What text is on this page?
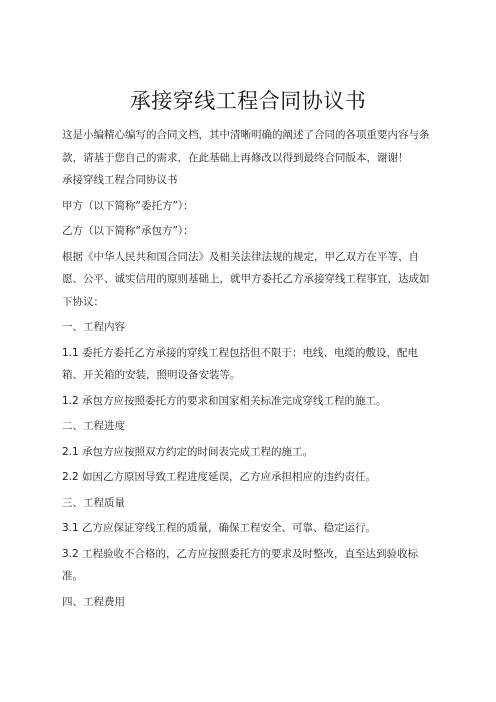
承接穿线工程合同协议书

这是小编精心编写的合同文档，其中清晰明确的阐述了合同的各项重要内容与条款，请基于您自己的需求，在此基础上再修改以得到最终合同版本，谢谢！

承接穿线工程合同协议书

甲方（以下简称“委托方”）：

乙方（以下简称“承包方”）：

根据《中华人民共和国合同法》及相关法律法规的规定，甲乙双方在平等、自愿、公平、诚实信用的原则基础上，就甲方委托乙方承接穿线工程事宜，达成如下协议：

一、工程内容

1.1 委托方委托乙方承接的穿线工程包括但不限于：电线、电缆的敷设，配电箱、开关箱的安装，照明设备安装等。

1.2 承包方应按照委托方的要求和国家相关标准完成穿线工程的施工。

二、工程进度

2.1 承包方应按照双方约定的时间表完成工程的施工。

2.2 如因乙方原因导致工程进度延误，乙方应承担相应的违约责任。

三、工程质量

3.1 乙方应保证穿线工程的质量，确保工程安全、可靠、稳定运行。

3.2 工程验收不合格的，乙方应按照委托方的要求及时整改，直至达到验收标准。

四、工程费用
